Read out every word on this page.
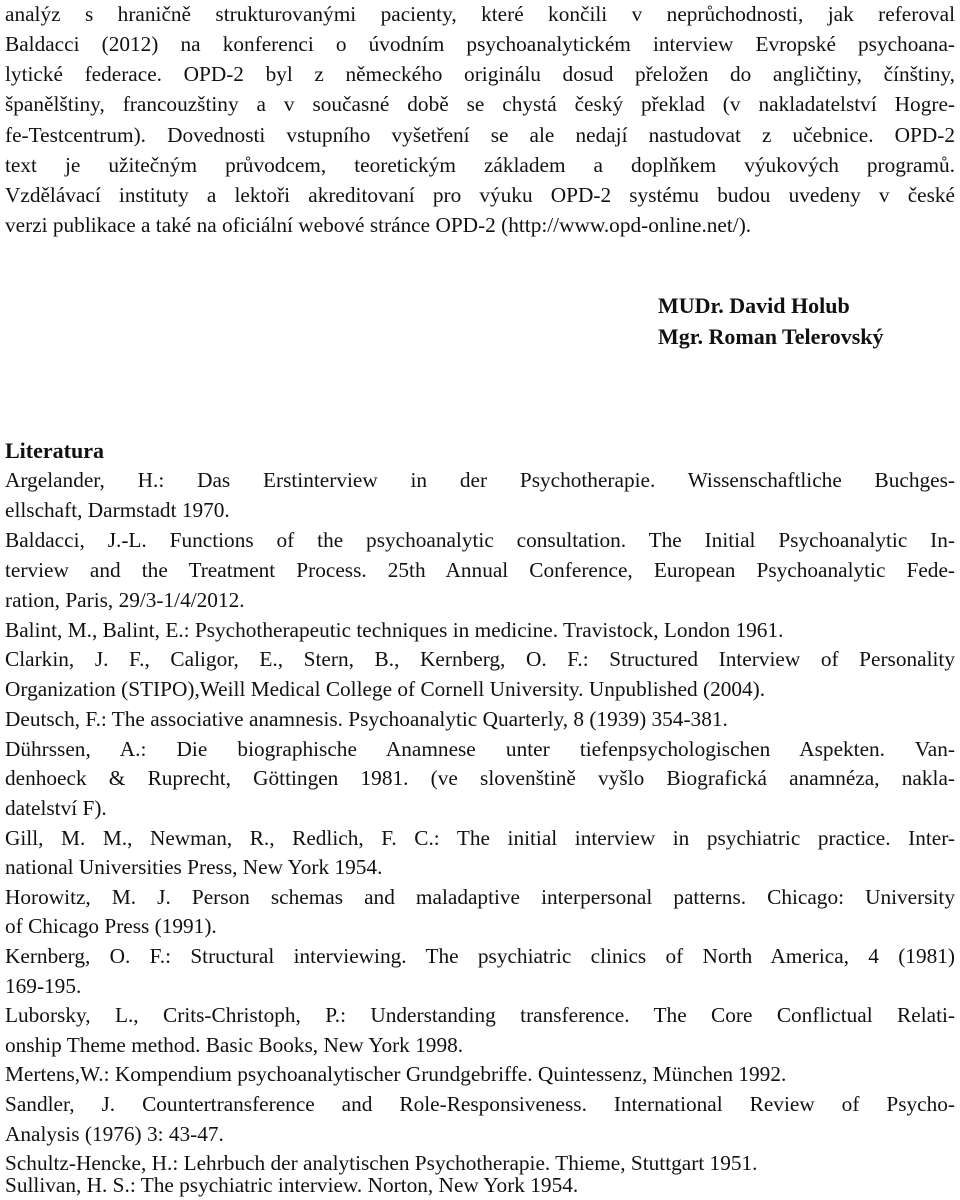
analýz s hraničně strukturovanými pacienty, které končili v neprůchodnosti, jak referoval
Baldacci (2012) na konferenci o úvodním psychoanalytickém interview Evropské psychoana-
lytické federace. OPD-2 byl z německého originálu dosud přeložen do angličtiny, čínštiny,
španělštiny, francouzštiny a v současné době se chystá český překlad (v nakladatelství Hogre-
fe-Testcentrum). Dovednosti vstupního vyšetření se ale nedají nastudovat z učebnice. OPD-2
text je užitečným průvodcem, teoretickým základem a doplňkem výukových programů.
Vzdělávací instituty a lektoři akreditovaní pro výuku OPD-2 systému budou uvedeny v české
verzi publikace a také na oficiální webové stránce OPD-2 (http://www.opd-online.net/).
MUDr. David Holub
Mgr. Roman Telerovský
Literatura
Argelander, H.: Das Erstinterview in der Psychotherapie. Wissenschaftliche Buchges-
ellschaft, Darmstadt 1970.
Baldacci, J.-L. Functions of the psychoanalytic consultation. The Initial Psychoanalytic In-
terview and the Treatment Process. 25th Annual Conference, European Psychoanalytic Fede-
ration, Paris, 29/3-1/4/2012.
Balint, M., Balint, E.: Psychotherapeutic techniques in medicine. Travistock, London 1961.
Clarkin, J. F., Caligor, E., Stern, B., Kernberg, O. F.: Structured Interview of Personality
Organization (STIPO),Weill Medical College of Cornell University. Unpublished (2004).
Deutsch, F.: The associative anamnesis. Psychoanalytic Quarterly, 8 (1939) 354-381.
Dührssen, A.: Die biographische Anamnese unter tiefenpsychologischen Aspekten. Van-
denhoeck & Ruprecht, Göttingen 1981. (ve slovenštině vyšlo Biografická anamnéza, nakla-
datelství F).
Gill, M. M., Newman, R., Redlich, F. C.: The initial interview in psychiatric practice. Inter-
national Universities Press, New York 1954.
Horowitz, M. J. Person schemas and maladaptive interpersonal patterns. Chicago: University
of Chicago Press (1991).
Kernberg, O. F.: Structural interviewing. The psychiatric clinics of North America, 4 (1981)
169-195.
Luborsky, L., Crits-Christoph, P.: Understanding transference. The Core Conflictual Relati-
onship Theme method. Basic Books, New York 1998.
Mertens,W.: Kompendium psychoanalytischer Grundgebriffe. Quintessenz, München 1992.
Sandler, J. Countertransference and Role-Responsiveness. International Review of Psycho-
Analysis (1976) 3: 43-47.
Schultz-Hencke, H.: Lehrbuch der analytischen Psychotherapie. Thieme, Stuttgart 1951.
Sullivan, H. S.: The psychiatric interview. Norton, New York 1954.
